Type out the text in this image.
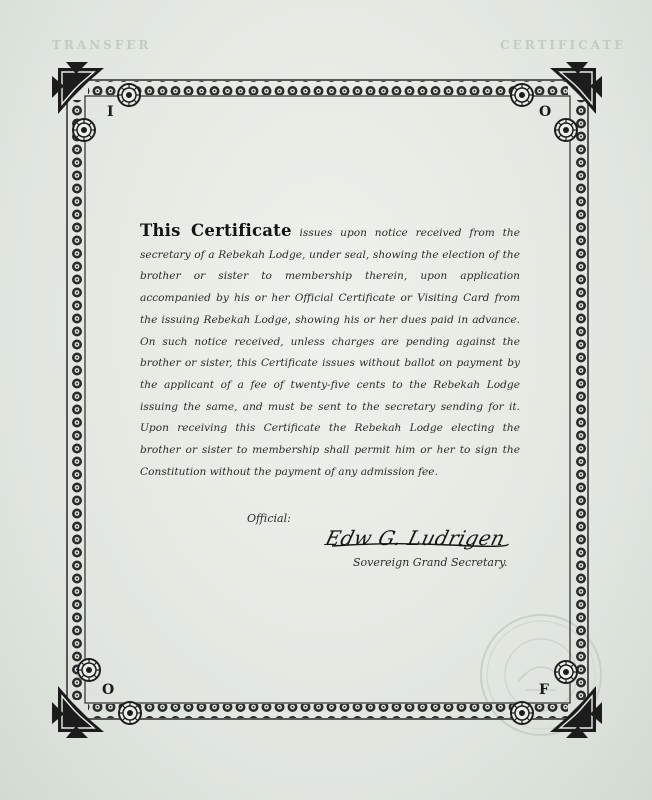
TRANSFER	CERTIFICATE
I	O
O	F
This Certificate issues upon notice received from the secretary of a Rebekah Lodge, under seal, showing the election of the brother or sister to membership therein, upon application accompanied by his or her Official Certificate or Visiting Card from the issuing Rebekah Lodge, showing his or her dues paid in advance. On such notice received, unless charges are pending against the brother or sister, this Certificate issues without ballot on payment by the applicant of a fee of twenty-five cents to the Rebekah Lodge issuing the same, and must be sent to the secretary sending for it. Upon receiving this Certificate the Rebekah Lodge electing the brother or sister to membership shall permit him or her to sign the Constitution without the payment of any admission fee.
Official:
Edw G. Ludrigen
Sovereign Grand Secretary.
